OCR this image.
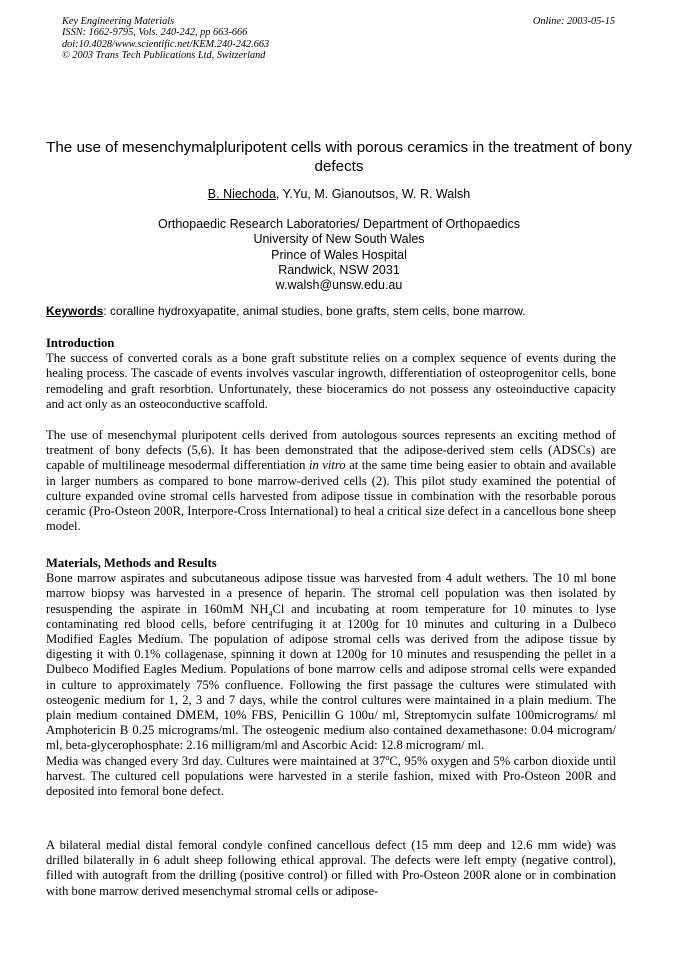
Key Engineering Materials
ISSN: 1662-9795, Vols. 240-242, pp 663-666
doi:10.4028/www.scientific.net/KEM.240-242.663
© 2003 Trans Tech Publications Ltd, Switzerland
Online: 2003-05-15
The use of mesenchymalpluripotent cells with porous ceramics in the treatment of bony defects
B. Niechoda, Y.Yu, M. Gianoutsos, W. R. Walsh
Orthopaedic Research Laboratories/ Department of Orthopaedics
University of New South Wales
Prince of Wales Hospital
Randwick, NSW 2031
w.walsh@unsw.edu.au
Keywords: coralline hydroxyapatite, animal studies, bone grafts, stem cells, bone marrow.

Introduction

The success of converted corals as a bone graft substitute relies on a complex sequence of events during the healing process. The cascade of events involves vascular ingrowth, differentiation of osteoprogenitor cells, bone remodeling and graft resorbtion. Unfortunately, these bioceramics do not possess any osteoinductive capacity and act only as an osteoconductive scaffold.

The use of mesenchymal pluripotent cells derived from autologous sources represents an exciting method of treatment of bony defects (5,6). It has been demonstrated that the adipose-derived stem cells (ADSCs) are capable of multilineage mesodermal differentiation in vitro at the same time being easier to obtain and available in larger numbers as compared to bone marrow-derived cells (2). This pilot study examined the potential of culture expanded ovine stromal cells harvested from adipose tissue in combination with the resorbable porous ceramic (Pro-Osteon 200R, Interpore-Cross International) to heal a critical size defect in a cancellous bone sheep model.

Materials, Methods and Results

Bone marrow aspirates and subcutaneous adipose tissue was harvested from 4 adult wethers. The 10 ml bone marrow biopsy was harvested in a presence of heparin. The stromal cell population was then isolated by resuspending the aspirate in 160mM $NH_4Cl$ and incubating at room temperature for 10 minutes to lyse contaminating red blood cells, before centrifuging it at 1200g for 10 minutes and culturing in a Dulbeco Modified Eagles Medium. The population of adipose stromal cells was derived from the adipose tissue by digesting it with 0.1% collagenase, spinning it down at 1200g for 10 minutes and resuspending the pellet in a Dulbeco Modified Eagles Medium. Populations of bone marrow cells and adipose stromal cells were expanded in culture to approximately 75% confluence. Following the first passage the cultures were stimulated with osteogenic medium for 1, 2, 3 and 7 days, while the control cultures were maintained in a plain medium. The plain medium contained DMEM, 10% FBS, Penicillin G 100u/ ml, Streptomycin sulfate 100micrograms/ ml Amphotericin B 0.25 micrograms/ml. The osteogenic medium also contained dexamethasone: 0.04 microgram/ ml, beta-glycerophosphate: 2.16 milligram/ml and Ascorbic Acid: 12.8 microgram/ ml.

Media was changed every 3rd day. Cultures were maintained at 37$^o$C, 95% oxygen and 5% carbon dioxide until harvest. The cultured cell populations were harvested in a sterile fashion, mixed with Pro-Osteon 200R and deposited into femoral bone defect.

A bilateral medial distal femoral condyle confined cancellous defect (15 mm deep and 12.6 mm wide) was drilled bilaterally in 6 adult sheep following ethical approval. The defects were left empty (negative control), filled with autograft from the drilling (positive control) or filled with Pro-Osteon 200R alone or in combination with bone marrow derived mesenchymal stromal cells or adipose-
